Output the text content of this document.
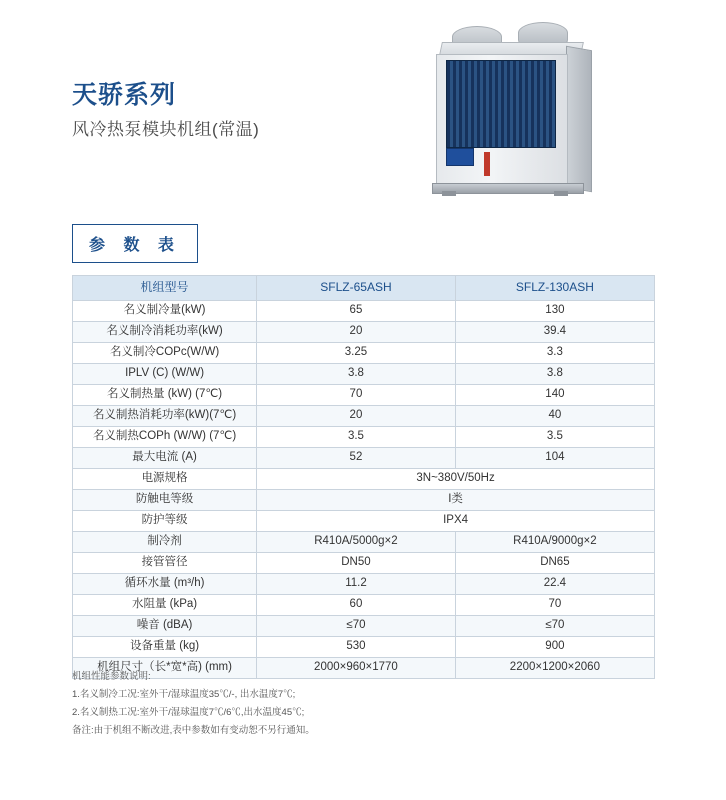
天骄系列
风冷热泵模块机组(常温)
参 数 表
机组型号	SFLZ-65ASH	SFLZ-130ASH
名义制冷量(kW)	65	130
名义制冷消耗功率(kW)	20	39.4
名义制冷COPc(W/W)	3.25	3.3
IPLV (C) (W/W)	3.8	3.8
名义制热量 (kW) (7℃)	70	140
名义制热消耗功率(kW)(7℃)	20	40
名义制热COPh (W/W) (7℃)	3.5	3.5
最大电流 (A)	52	104
电源规格	3N~380V/50Hz	
防触电等级	I类	
防护等级	IPX4	
制冷剂	R410A/5000g×2	R410A/9000g×2
接管管径	DN50	DN65
循环水量 (m³/h)	11.2	22.4
水阻量 (kPa)	60	70
噪音 (dBA)	≤70	≤70
设备重量 (kg)	530	900
机组尺寸（长*宽*高) (mm)	2000×960×1770	2200×1200×2060
机组性能参数说明:
1.名义制冷工况:室外干/湿球温度35℃/-, 出水温度7℃;
2.名义制热工况:室外干/湿球温度7℃/6℃,出水温度45℃;
备注:由于机组不断改进,表中参数如有变动恕不另行通知。
